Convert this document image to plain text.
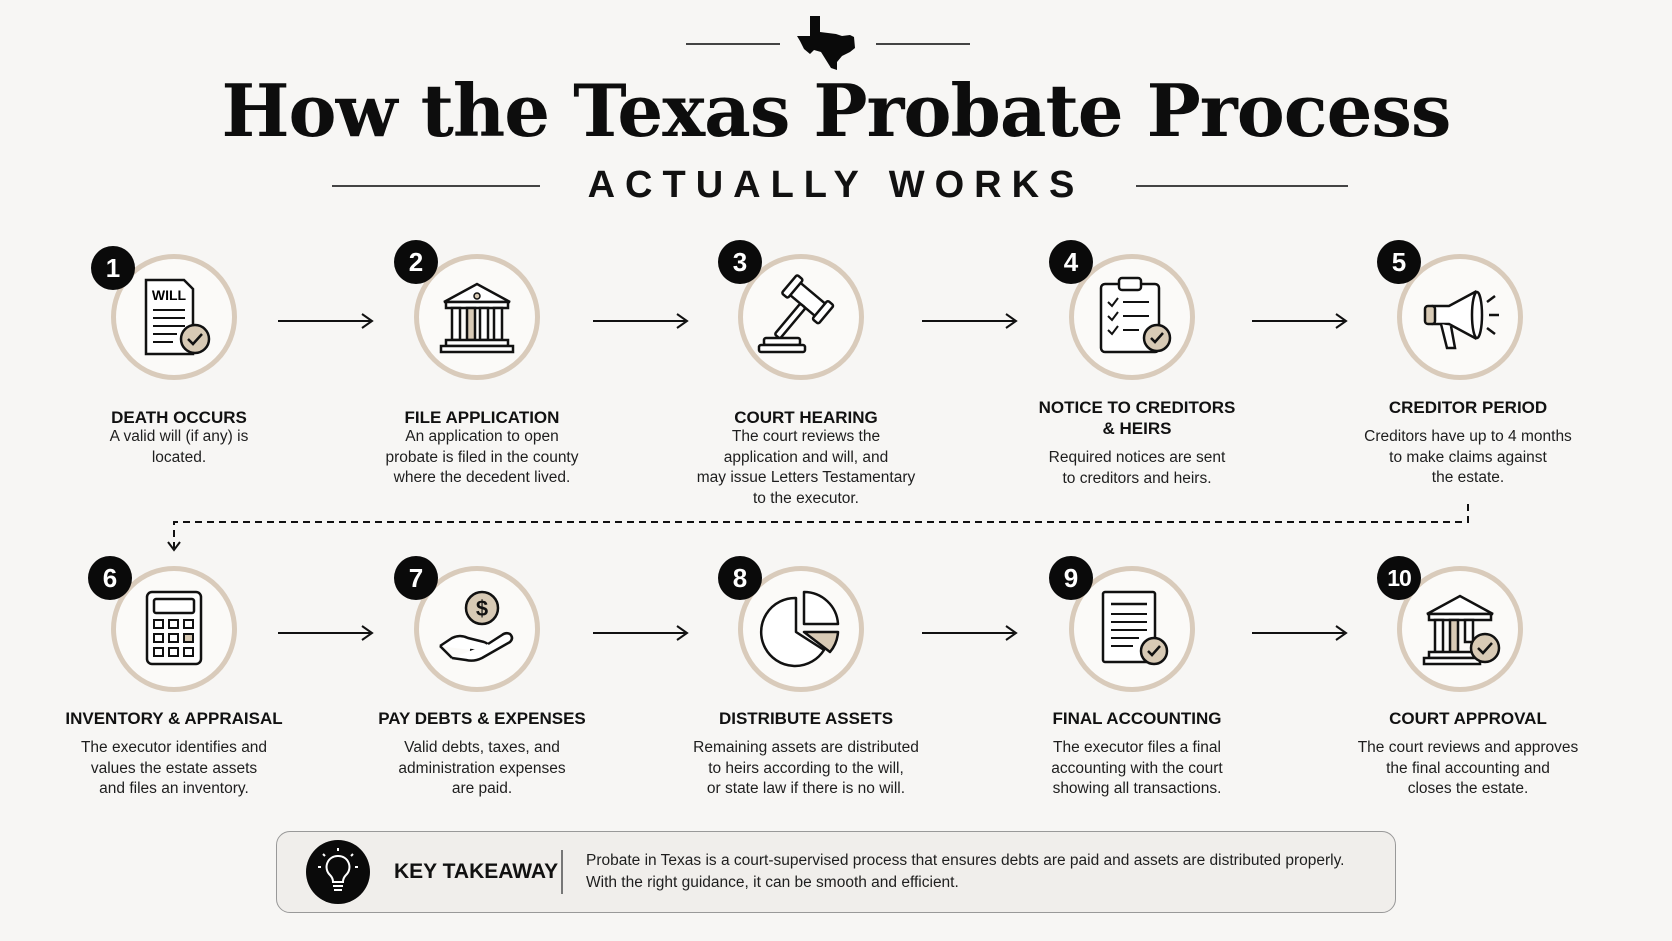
How the Texas Probate Process
ACTUALLY WORKS
WILL
1
DEATH OCCURS
A valid will (if any) is
located.
2
FILE APPLICATION
An application to open
probate is filed in the county
where the decedent lived.
3
COURT HEARING
The court reviews the
application and will, and
may issue Letters Testamentary
to the executor.
4
NOTICE TO CREDITORS
& HEIRS
Required notices are sent
to creditors and heirs.
5
CREDITOR PERIOD
Creditors have up to 4 months
to make claims against
the estate.
6
INVENTORY & APPRAISAL
The executor identifies and
values the estate assets
and files an inventory.
$
7
PAY DEBTS & EXPENSES
Valid debts, taxes, and
administration expenses
are paid.
8
DISTRIBUTE ASSETS
Remaining assets are distributed
to heirs according to the will,
or state law if there is no will.
9
FINAL ACCOUNTING
The executor files a final
accounting with the court
showing all transactions.
10
COURT APPROVAL
The court reviews and approves
the final accounting and
closes the estate.
KEY TAKEAWAY Probate in Texas is a court-supervised process that ensures debts are paid and assets are distributed properly.
With the right guidance, it can be smooth and efficient.
